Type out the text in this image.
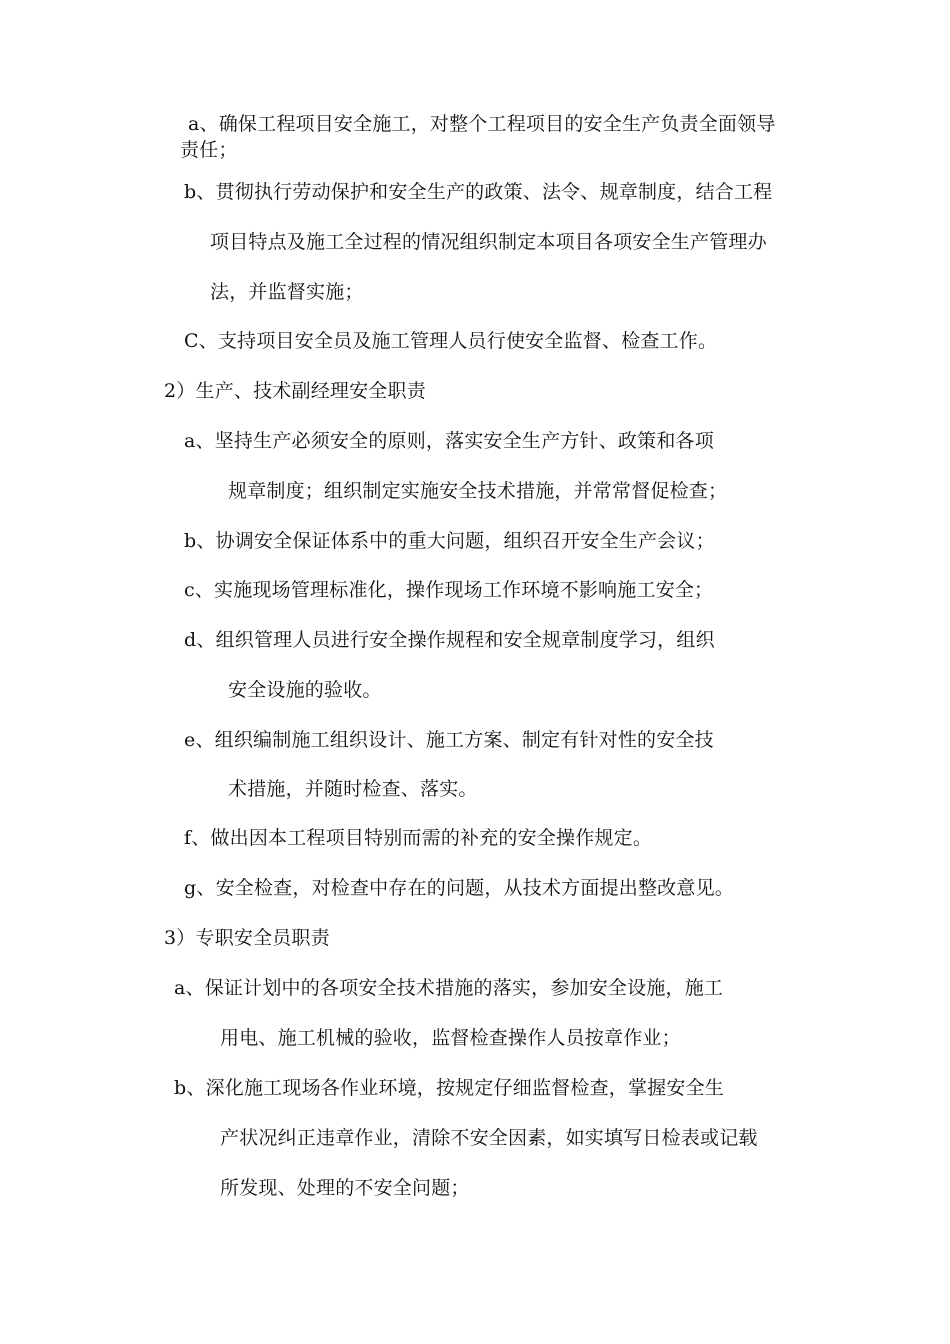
a、确保工程项目安全施工，对整个工程项目的安全生产负责全面领导
责任；
b、贯彻执行劳动保护和安全生产的政策、法令、规章制度，结合工程
项目特点及施工全过程的情况组织制定本项目各项安全生产管理办
法，并监督实施；
C、支持项目安全员及施工管理人员行使安全监督、检查工作。
2）生产、技术副经理安全职责
a、坚持生产必须安全的原则，落实安全生产方针、政策和各项
规章制度；组织制定实施安全技术措施，并常常督促检查；
b、协调安全保证体系中的重大问题，组织召开安全生产会议；
c、实施现场管理标准化，操作现场工作环境不影响施工安全；
d、组织管理人员进行安全操作规程和安全规章制度学习，组织
安全设施的验收。
e、组织编制施工组织设计、施工方案、制定有针对性的安全技
术措施，并随时检查、落实。
f、做出因本工程项目特别而需的补充的安全操作规定。
g、安全检查，对检查中存在的问题，从技术方面提出整改意见。
3）专职安全员职责
a、保证计划中的各项安全技术措施的落实，参加安全设施，施工
用电、施工机械的验收，监督检查操作人员按章作业；
b、深化施工现场各作业环境，按规定仔细监督检查，掌握安全生
产状况纠正违章作业，清除不安全因素，如实填写日检表或记载
所发现、处理的不安全问题；
